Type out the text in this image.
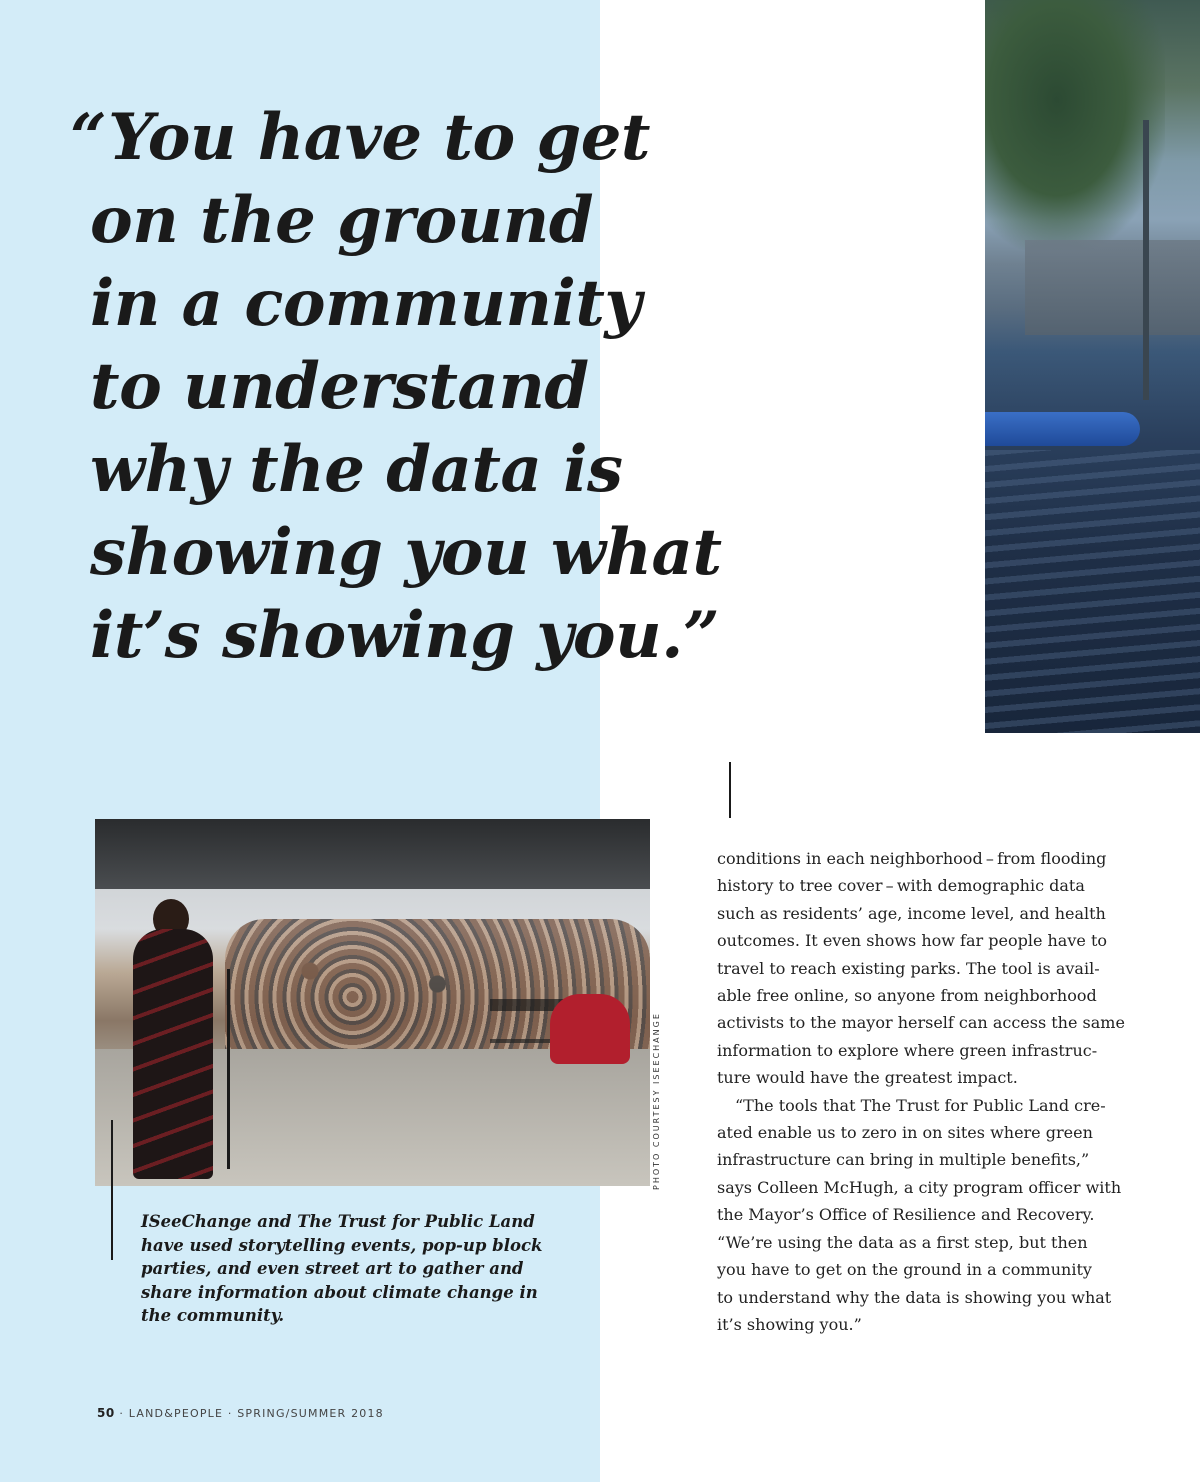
“You have to get
on the ground
in a community
to understand
why the data is
showing you what
it’s showing you.”
PHOTO COURTESY ISEECHANGE

ISeeChange and The Trust for Public Land
have used storytelling events, pop-up block
parties, and even street art to gather and
share information about climate change in
the community.

conditions in each neighborhood – from flooding
history to tree cover – with demographic data
such as residents’ age, income level, and health
outcomes. It even shows how far people have to
travel to reach existing parks. The tool is avail-
able free online, so anyone from neighborhood
activists to the mayor herself can access the same
information to explore where green infrastruc-
ture would have the greatest impact.
“The tools that The Trust for Public Land cre-
ated enable us to zero in on sites where green
infrastructure can bring in multiple benefits,”
says Colleen McHugh, a city program officer with
the Mayor’s Office of Resilience and Recovery.
“We’re using the data as a first step, but then
you have to get on the ground in a community
to understand why the data is showing you what
it’s showing you.”
50 · LAND&PEOPLE · SPRING/SUMMER 2018
